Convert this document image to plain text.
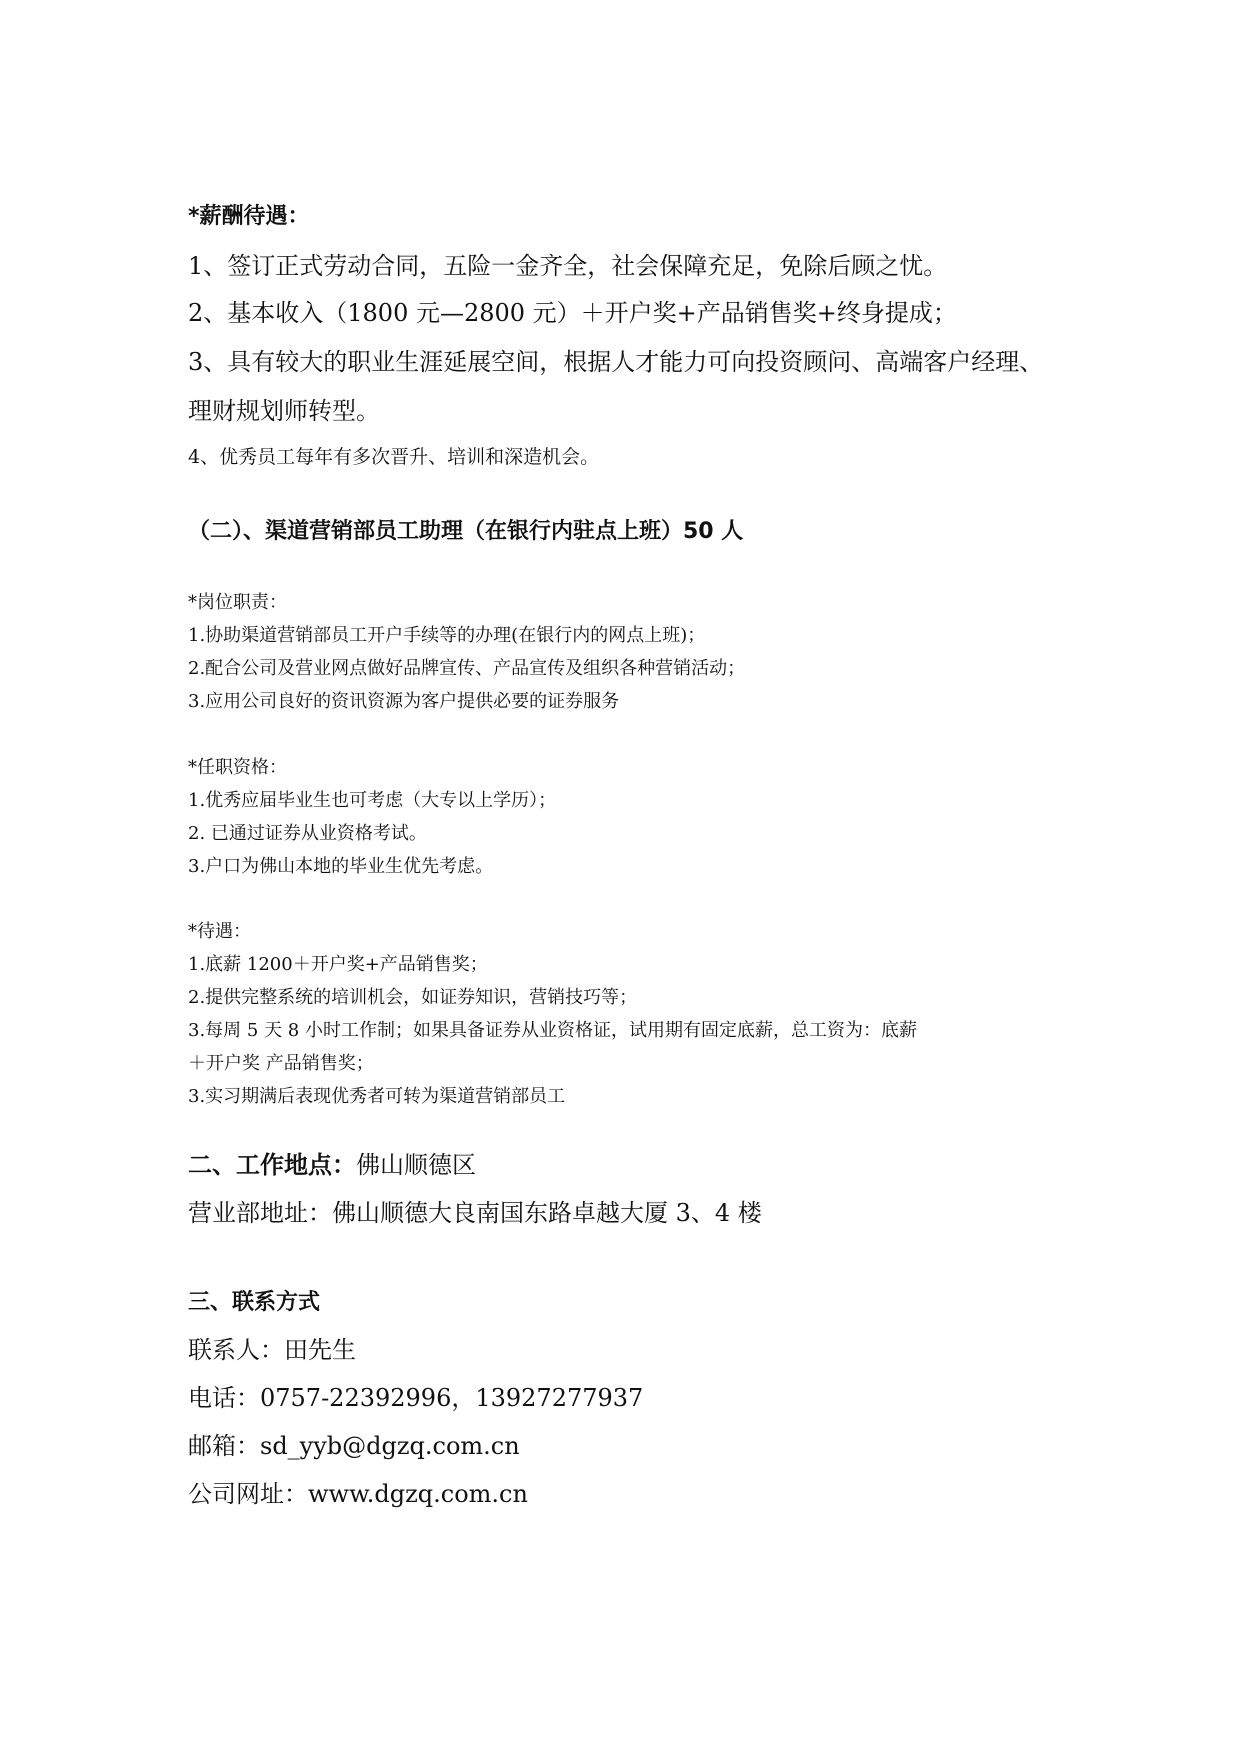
*薪酬待遇：
1、签订正式劳动合同，五险一金齐全，社会保障充足，免除后顾之忧。
2、基本收入（1800 元—2800 元）＋开户奖+产品销售奖+终身提成；
3、具有较大的职业生涯延展空间，根据人才能力可向投资顾问、高端客户经理、
理财规划师转型。
4、优秀员工每年有多次晋升、培训和深造机会。
（二）、渠道营销部员工助理（在银行内驻点上班）50 人
*岗位职责：
1.协助渠道营销部员工开户手续等的办理(在银行内的网点上班)；
2.配合公司及营业网点做好品牌宣传、产品宣传及组织各种营销活动；
3.应用公司良好的资讯资源为客户提供必要的证券服务
*任职资格：
1.优秀应届毕业生也可考虑（大专以上学历）；
2. 已通过证券从业资格考试。
3.户口为佛山本地的毕业生优先考虑。
*待遇：
1.底薪 1200＋开户奖+产品销售奖；
2.提供完整系统的培训机会，如证券知识，营销技巧等；
3.每周 5 天 8 小时工作制；如果具备证券从业资格证，试用期有固定底薪，总工资为：底薪
＋开户奖 产品销售奖；
3.实习期满后表现优秀者可转为渠道营销部员工
二、工作地点：佛山顺德区
营业部地址：佛山顺德大良南国东路卓越大厦 3、4 楼
三、联系方式
联系人：田先生
电话：0757-22392996，13927277937
邮箱：sd_yyb@dgzq.com.cn
公司网址：www.dgzq.com.cn
